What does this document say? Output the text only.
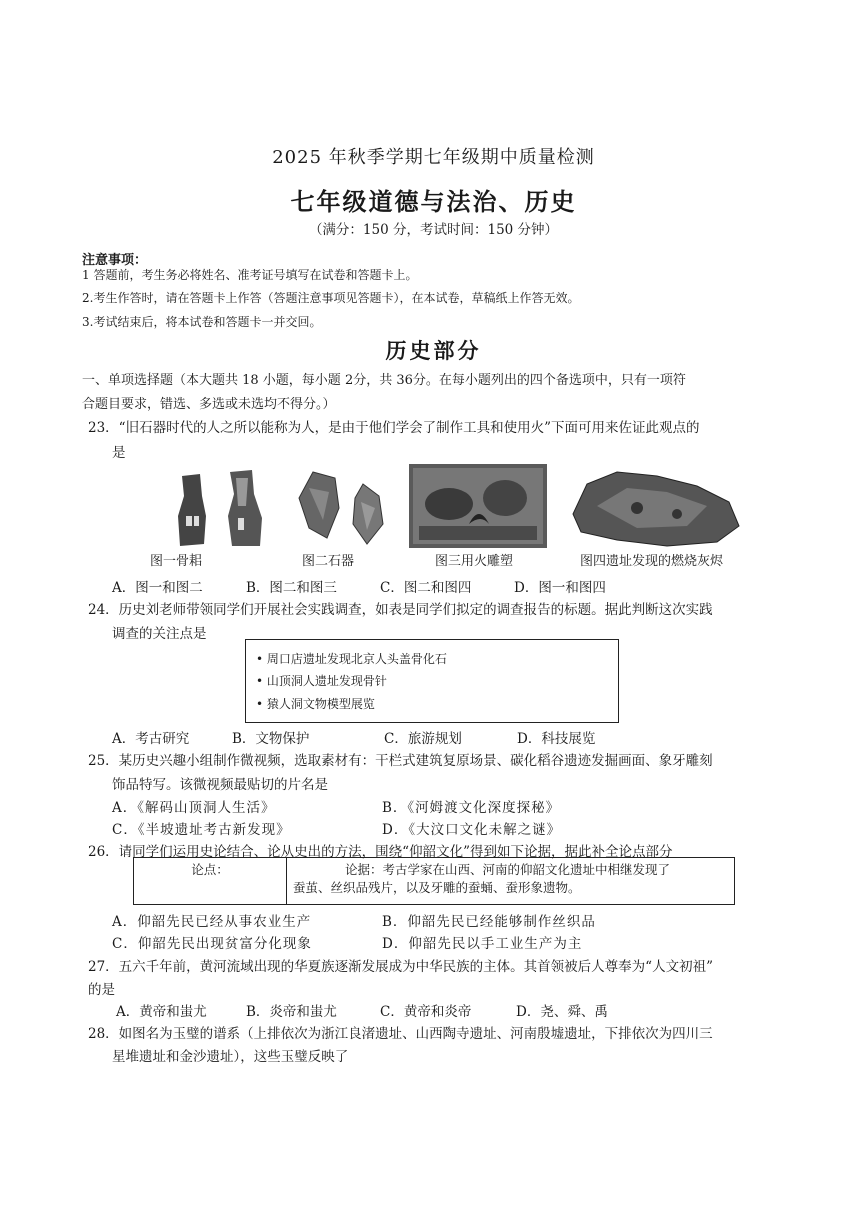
2025 年秋季学期七年级期中质量检测
七年级道德与法治、历史
（满分：150 分，考试时间：150 分钟）
注意事项：
1 答题前，考生务必将姓名、准考证号填写在试卷和答题卡上。
2.考生作答时，请在答题卡上作答（答题注意事项见答题卡），在本试卷，草稿纸上作答无效。
3.考试结束后，将本试卷和答题卡一并交回。
历史部分
一、单项选择题（本大题共 18 小题，每小题 2分，共 36分。在每小题列出的四个备选项中，只有一项符
合题目要求，错选、多选或未选均不得分。）
23．“旧石器时代的人之所以能称为人，是由于他们学会了制作工具和使用火”下面可用来佐证此观点的
是
图一骨耜	图二石器	图三用火雕塑	图四遗址发现的燃烧灰烬
A．图一和图二	B．图二和图三	C．图二和图四	D．图一和图四
24．历史刘老师带领同学们开展社会实践调查，如表是同学们拟定的调查报告的标题。据此判断这次实践
调查的关注点是
• 周口店遗址发现北京人头盖骨化石
• 山顶洞人遗址发现骨针
• 猿人洞文物模型展览
A．考古研究	B．文物保护	C．旅游规划	D．科技展览
25．某历史兴趣小组制作微视频，选取素材有：干栏式建筑复原场景、碳化稻谷遗迹发掘画面、象牙雕刻
饰品特写。该微视频最贴切的片名是
A．《解码山顶洞人生活》	B．《河姆渡文化深度探秘》
C．《半坡遗址考古新发现》	D．《大汶口文化未解之谜》
26．请同学们运用史论结合、论从史出的方法，围绕“仰韶文化”得到如下论据，据此补全论点部分
论点：	论据：考古学家在山西、河南的仰韶文化遗址中相继发现了
蚕茧、丝织品残片，以及牙雕的蚕蛹、蚕形象遗物。
A．仰韶先民已经从事农业生产	B．仰韶先民已经能够制作丝织品
C．仰韶先民出现贫富分化现象	D．仰韶先民以手工业生产为主
27．五六千年前，黄河流域出现的华夏族逐渐发展成为中华民族的主体。其首领被后人尊奉为“人文初祖”
的是
A．黄帝和蚩尤	B．炎帝和蚩尤	C．黄帝和炎帝	D．尧、舜、禹
28．如图名为玉璧的谱系（上排依次为浙江良渚遗址、山西陶寺遗址、河南殷墟遗址，下排依次为四川三
星堆遗址和金沙遗址），这些玉璧反映了
